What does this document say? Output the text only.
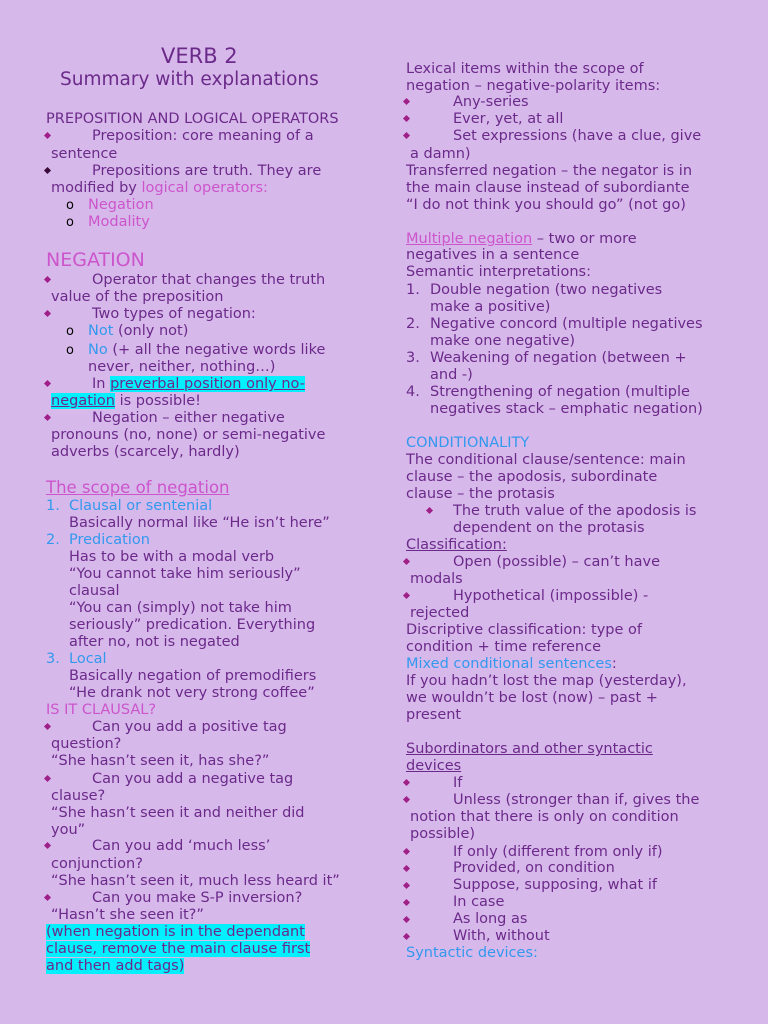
VERB 2
Summary with explanations
PREPOSITION AND LOGICAL OPERATORS
Preposition: core meaning of a
sentence
Prepositions are truth. They are
modified by logical operators:
o Negation
o Modality
NEGATION
Operator that changes the truth
value of the preposition
Two types of negation:
o Not (only not)
o No (+ all the negative words like
never, neither, nothing…)
In preverbal position only no-
negation is possible!
Negation – either negative
pronouns (no, none) or semi-negative
adverbs (scarcely, hardly)
The scope of negation
1. Clausal or sentenial
Basically normal like “He isn’t here”
2. Predication
Has to be with a modal verb
“You cannot take him seriously”
clausal
“You can (simply) not take him
seriously” predication. Everything
after no, not is negated
3. Local
Basically negation of premodifiers
“He drank not very strong coffee”
IS IT CLAUSAL?
Can you add a positive tag
question?
“She hasn’t seen it, has she?”
Can you add a negative tag
clause?
“She hasn’t seen it and neither did
you”
Can you add ‘much less’
conjunction?
“She hasn’t seen it, much less heard it”
Can you make S-P inversion?
“Hasn’t she seen it?”
(when negation is in the dependant
clause, remove the main clause first
and then add tags)
Lexical items within the scope of
negation – negative-polarity items:
Any-series
Ever, yet, at all
Set expressions (have a clue, give
a damn)
Transferred negation – the negator is in
the main clause instead of subordiante
“I do not think you should go” (not go)
Multiple negation – two or more
negatives in a sentence
Semantic interpretations:
1. Double negation (two negatives
make a positive)
2. Negative concord (multiple negatives
make one negative)
3. Weakening of negation (between +
and -)
4. Strengthening of negation (multiple
negatives stack – emphatic negation)
CONDITIONALITY
The conditional clause/sentence: main
clause – the apodosis, subordinate
clause – the protasis
The truth value of the apodosis is
dependent on the protasis
Classification:
Open (possible) – can’t have
modals
Hypothetical (impossible) -
rejected
Discriptive classification: type of
condition + time reference
Mixed conditional sentences:
If you hadn’t lost the map (yesterday),
we wouldn’t be lost (now) – past +
present
Subordinators and other syntactic
devices
If
Unless (stronger than if, gives the
notion that there is only on condition
possible)
If only (different from only if)
Provided, on condition
Suppose, supposing, what if
In case
As long as
With, without
Syntactic devices:
